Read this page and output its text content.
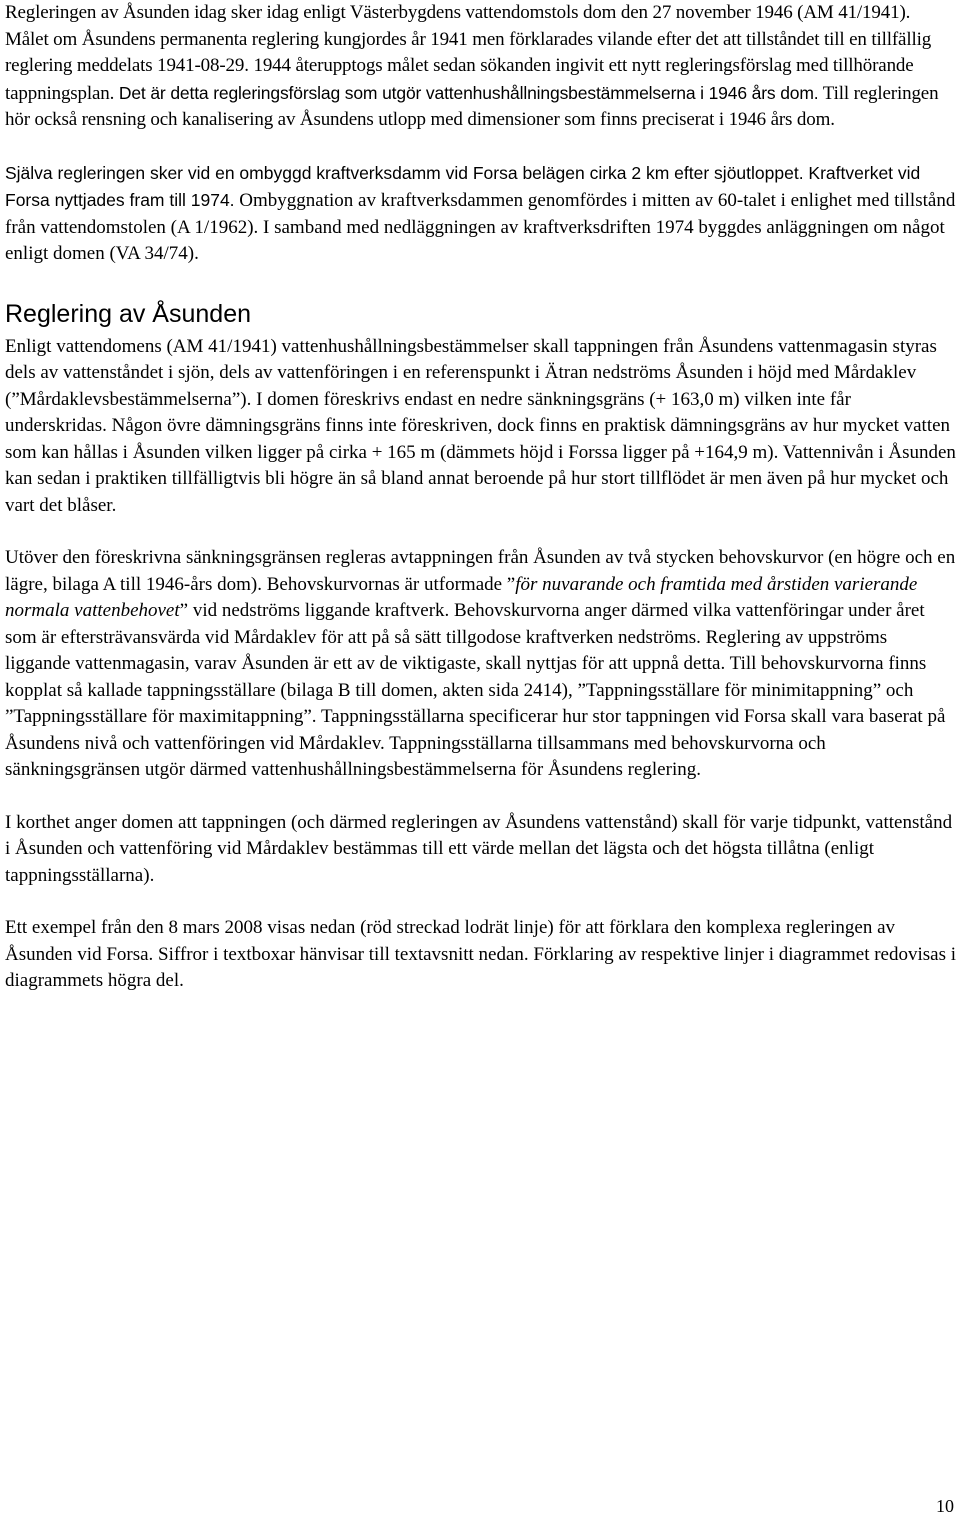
Regleringen av Åsunden idag sker idag enligt Västerbygdens vattendomstols dom den 27 november 1946 (AM 41/1941). Målet om Åsundens permanenta reglering kungjordes år 1941 men förklarades vilande efter det att tillståndet till en tillfällig reglering meddelats 1941-08-29. 1944 återupptogs målet sedan sökanden ingivit ett nytt regleringsförslag med tillhörande tappningsplan. Det är detta regleringsförslag som utgör vattenhushållningsbestämmelserna i 1946 års dom. Till regleringen hör också rensning och kanalisering av Åsundens utlopp med dimensioner som finns preciserat i 1946 års dom.

Själva regleringen sker vid en ombyggd kraftverksdamm vid Forsa belägen cirka 2 km efter sjöutloppet. Kraftverket vid Forsa nyttjades fram till 1974. Ombyggnation av kraftverksdammen genomfördes i mitten av 60-talet i enlighet med tillstånd från vattendomstolen (A 1/1962). I samband med nedläggningen av kraftverksdriften 1974 byggdes anläggningen om något enligt domen (VA 34/74).

Reglering av Åsunden

Enligt vattendomens (AM 41/1941) vattenhushållningsbestämmelser skall tappningen från Åsundens vattenmagasin styras dels av vattenståndet i sjön, dels av vattenföringen i en referenspunkt i Ätran nedströms Åsunden i höjd med Mårdaklev (”Mårdaklevsbestämmelserna”). I domen föreskrivs endast en nedre sänkningsgräns (+ 163,0 m) vilken inte får underskridas. Någon övre dämningsgräns finns inte föreskriven, dock finns en praktisk dämningsgräns av hur mycket vatten som kan hållas i Åsunden vilken ligger på cirka + 165 m (dämmets höjd i Forssa ligger på +164,9 m). Vattennivån i Åsunden kan sedan i praktiken tillfälligtvis bli högre än så bland annat beroende på hur stort tillflödet är men även på hur mycket och vart det blåser.

Utöver den föreskrivna sänkningsgränsen regleras avtappningen från Åsunden av två stycken behovskurvor (en högre och en lägre, bilaga A till 1946-års dom). Behovskurvornas är utformade ”för nuvarande och framtida med årstiden varierande normala vattenbehovet” vid nedströms liggande kraftverk. Behovskurvorna anger därmed vilka vattenföringar under året som är eftersträvansvärda vid Mårdaklev för att på så sätt tillgodose kraftverken nedströms. Reglering av uppströms liggande vattenmagasin, varav Åsunden är ett av de viktigaste, skall nyttjas för att uppnå detta. Till behovskurvorna finns kopplat så kallade tappningsställare (bilaga B till domen, akten sida 2414), ”Tappningsställare för minimitappning” och ”Tappningsställare för maximitappning”. Tappningsställarna specificerar hur stor tappningen vid Forsa skall vara baserat på Åsundens nivå och vattenföringen vid Mårdaklev. Tappningsställarna tillsammans med behovskurvorna och sänkningsgränsen utgör därmed vattenhushållningsbestämmelserna för Åsundens reglering.

I korthet anger domen att tappningen (och därmed regleringen av Åsundens vattenstånd) skall för varje tidpunkt, vattenstånd i Åsunden och vattenföring vid Mårdaklev bestämmas till ett värde mellan det lägsta och det högsta tillåtna (enligt tappningsställarna).

Ett exempel från den 8 mars 2008 visas nedan (röd streckad lodrät linje) för att förklara den komplexa regleringen av Åsunden vid Forsa. Siffror i textboxar hänvisar till textavsnitt nedan. Förklaring av respektive linjer i diagrammet redovisas i diagrammets högra del.

10
